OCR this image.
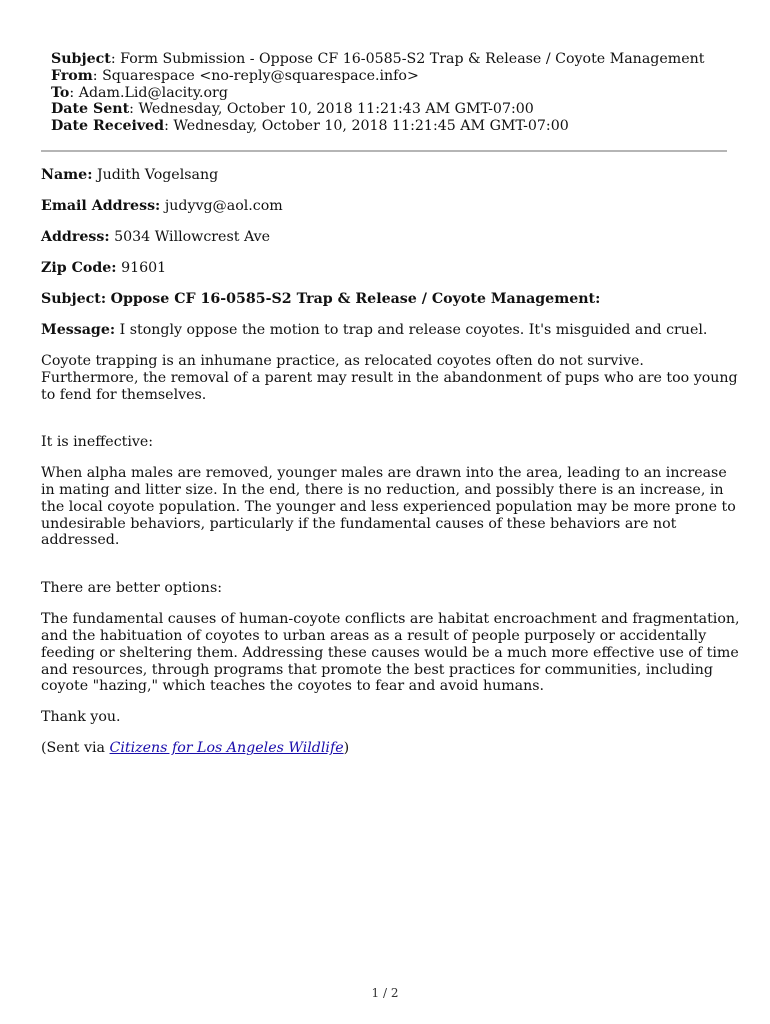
Subject: Form Submission - Oppose CF 16-0585-S2 Trap & Release / Coyote Management
From: Squarespace <no-reply@squarespace.info>
To: Adam.Lid@lacity.org
Date Sent: Wednesday, October 10, 2018 11:21:43 AM GMT-07:00
Date Received: Wednesday, October 10, 2018 11:21:45 AM GMT-07:00

Name: Judith Vogelsang

Email Address: judyvg@aol.com

Address: 5034 Willowcrest Ave

Zip Code: 91601

Subject: Oppose CF 16-0585-S2 Trap & Release / Coyote Management:

Message: I stongly oppose the motion to trap and release coyotes. It's misguided and cruel.

Coyote trapping is an inhumane practice, as relocated coyotes often do not survive. Furthermore, the removal of a parent may result in the abandonment of pups who are too young to fend for themselves.

It is ineffective:

When alpha males are removed, younger males are drawn into the area, leading to an increase in mating and litter size. In the end, there is no reduction, and possibly there is an increase, in the local coyote population. The younger and less experienced population may be more prone to undesirable behaviors, particularly if the fundamental causes of these behaviors are not addressed.

There are better options:

The fundamental causes of human-coyote conflicts are habitat encroachment and fragmentation, and the habituation of coyotes to urban areas as a result of people purposely or accidentally feeding or sheltering them. Addressing these causes would be a much more effective use of time and resources, through programs that promote the best practices for communities, including coyote "hazing," which teaches the coyotes to fear and avoid humans.

Thank you.

(Sent via Citizens for Los Angeles Wildlife)

1 / 2
